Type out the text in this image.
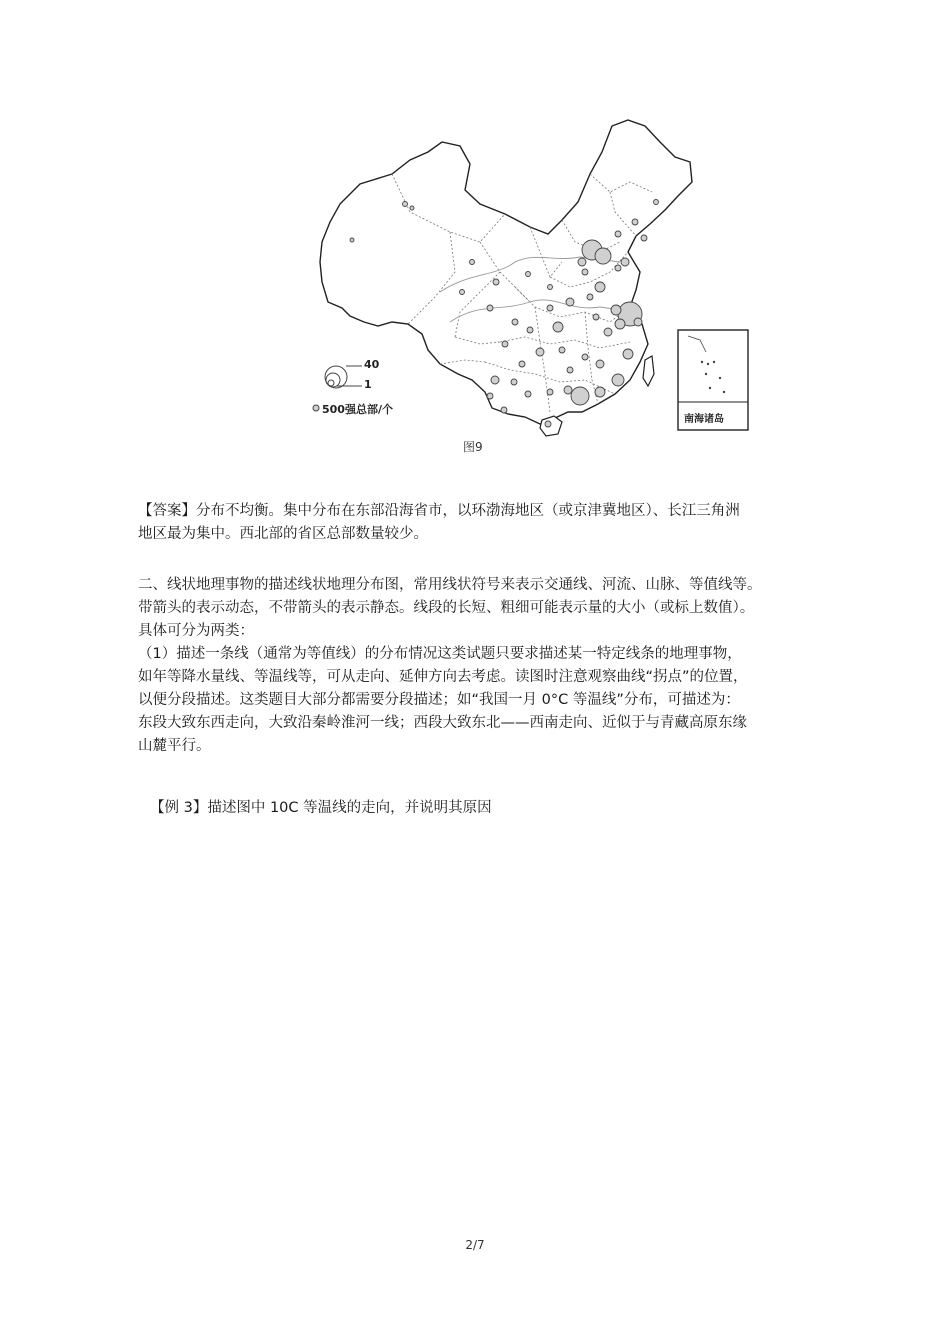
40
1
500强总部/个
南海诸岛
图9
【答案】分布不均衡。集中分布在东部沿海省市，以环渤海地区（或京津冀地区）、长江三角洲
地区最为集中。西北部的省区总部数量较少。
二、线状地理事物的描述线状地理分布图，常用线状符号来表示交通线、河流、山脉、等值线等。
带箭头的表示动态，不带箭头的表示静态。线段的长短、粗细可能表示量的大小（或标上数值）。
具体可分为两类：
（1）描述一条线（通常为等值线）的分布情况这类试题只要求描述某一特定线条的地理事物，
如年等降水量线、等温线等，可从走向、延伸方向去考虑。读图时注意观察曲线“拐点”的位置，
以便分段描述。这类题目大部分都需要分段描述；如“我国一月 0°C 等温线”分布，可描述为：
东段大致东西走向，大致沿秦岭淮河一线；西段大致东北——西南走向、近似于与青藏高原东缘
山麓平行。
【例 3】描述图中 10C 等温线的走向，并说明其原因
2/7
